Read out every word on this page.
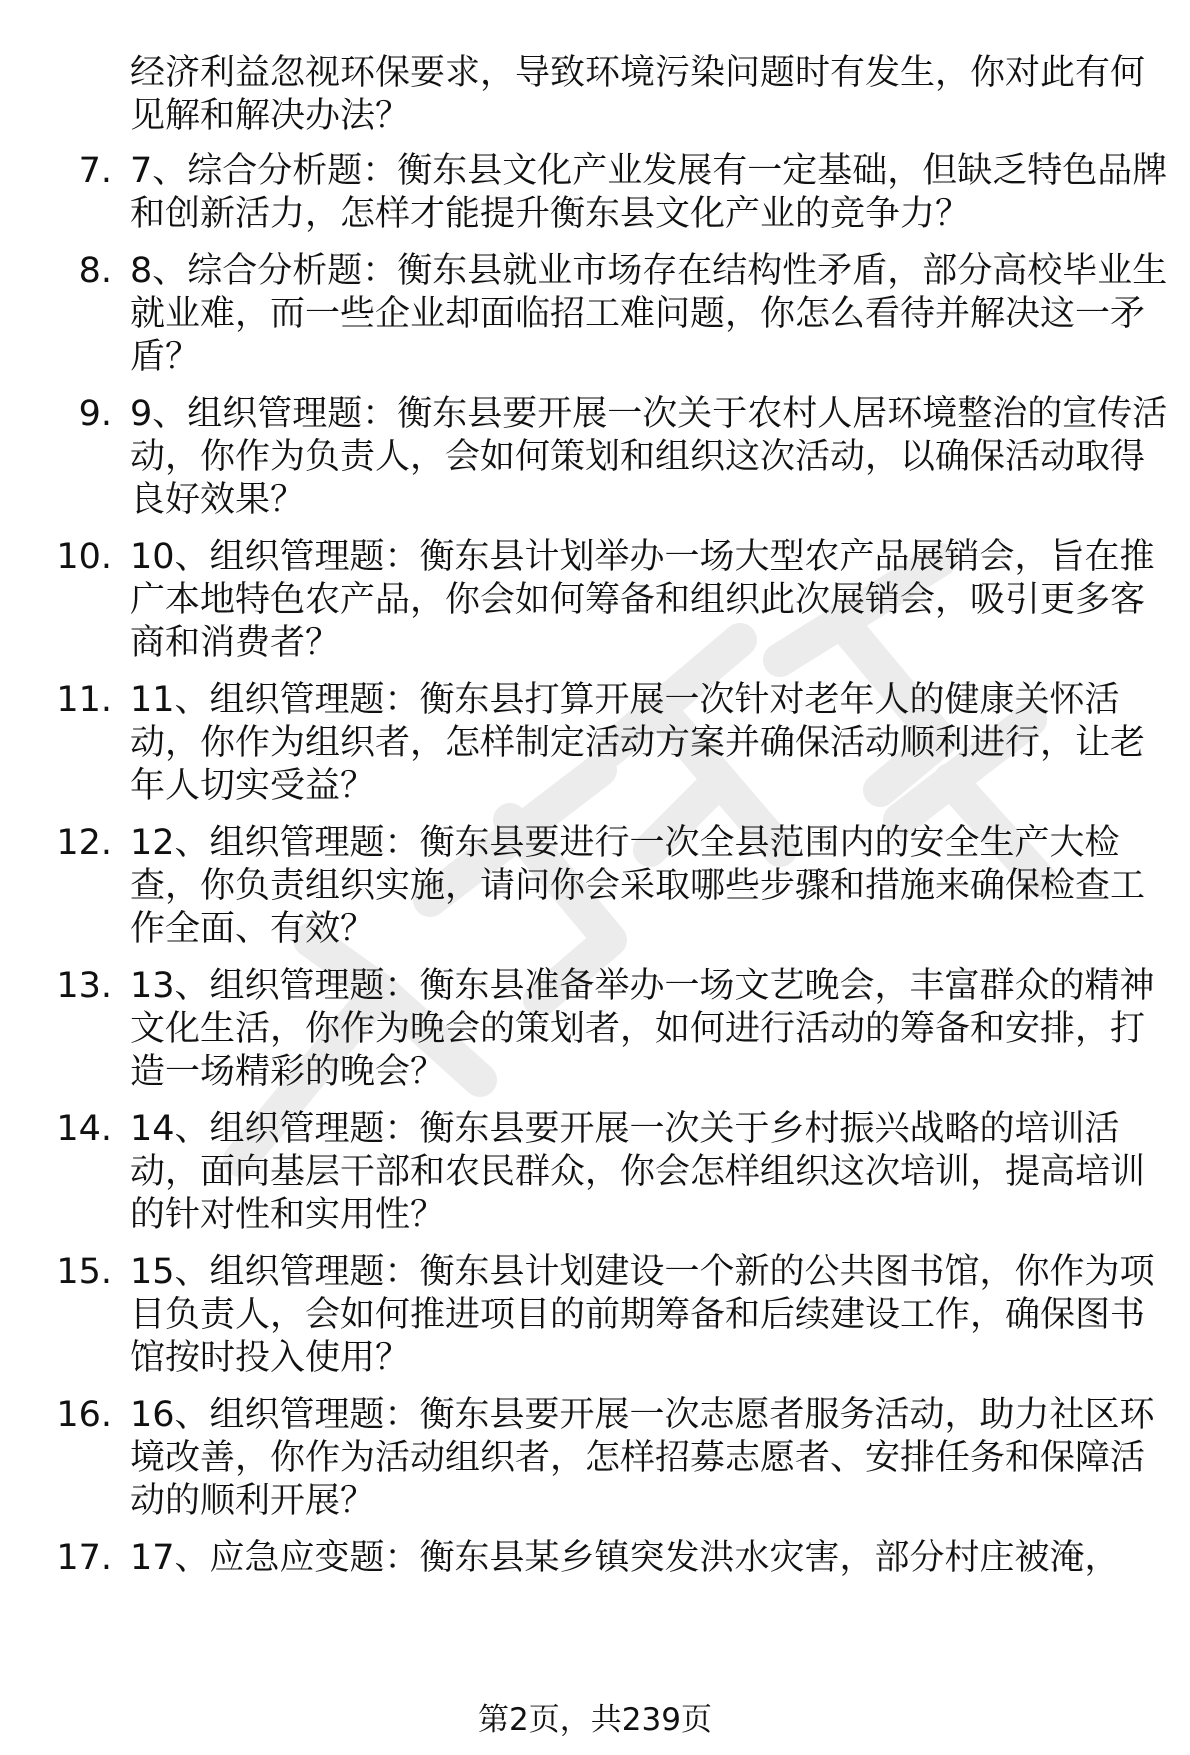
经济利益忽视环保要求，导致环境污染问题时有发生，你对此有何见解和解决办法？
7. 7、综合分析题：衡东县文化产业发展有一定基础，但缺乏特色品牌和创新活力，怎样才能提升衡东县文化产业的竞争力？
8. 8、综合分析题：衡东县就业市场存在结构性矛盾，部分高校毕业生就业难，而一些企业却面临招工难问题，你怎么看待并解决这一矛盾？
9. 9、组织管理题：衡东县要开展一次关于农村人居环境整治的宣传活动，你作为负责人，会如何策划和组织这次活动，以确保活动取得良好效果？
10. 10、组织管理题：衡东县计划举办一场大型农产品展销会，旨在推广本地特色农产品，你会如何筹备和组织此次展销会，吸引更多客商和消费者？
11. 11、组织管理题：衡东县打算开展一次针对老年人的健康关怀活动，你作为组织者，怎样制定活动方案并确保活动顺利进行，让老年人切实受益？
12. 12、组织管理题：衡东县要进行一次全县范围内的安全生产大检查，你负责组织实施，请问你会采取哪些步骤和措施来确保检查工作全面、有效？
13. 13、组织管理题：衡东县准备举办一场文艺晚会，丰富群众的精神文化生活，你作为晚会的策划者，如何进行活动的筹备和安排，打造一场精彩的晚会？
14. 14、组织管理题：衡东县要开展一次关于乡村振兴战略的培训活动，面向基层干部和农民群众，你会怎样组织这次培训，提高培训的针对性和实用性？
15. 15、组织管理题：衡东县计划建设一个新的公共图书馆，你作为项目负责人，会如何推进项目的前期筹备和后续建设工作，确保图书馆按时投入使用？
16. 16、组织管理题：衡东县要开展一次志愿者服务活动，助力社区环境改善，你作为活动组织者，怎样招募志愿者、安排任务和保障活动的顺利开展？
17. 17、应急应变题：衡东县某乡镇突发洪水灾害，部分村庄被淹，
第2页，共239页
